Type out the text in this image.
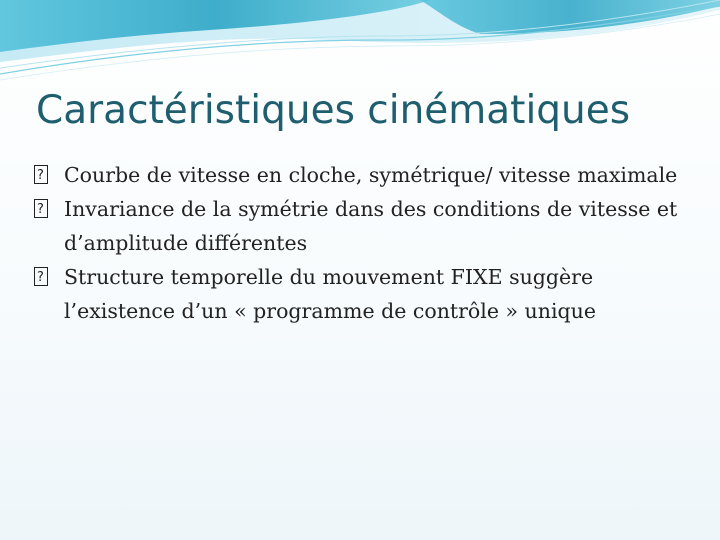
Caractéristiques cinématiques
?
Courbe de vitesse en cloche, symétrique/ vitesse maximale
?
Invariance de la symétrie dans des conditions de vitesse et d’amplitude différentes
?
Structure temporelle du mouvement FIXE suggère l’existence d’un « programme de contrôle » unique
